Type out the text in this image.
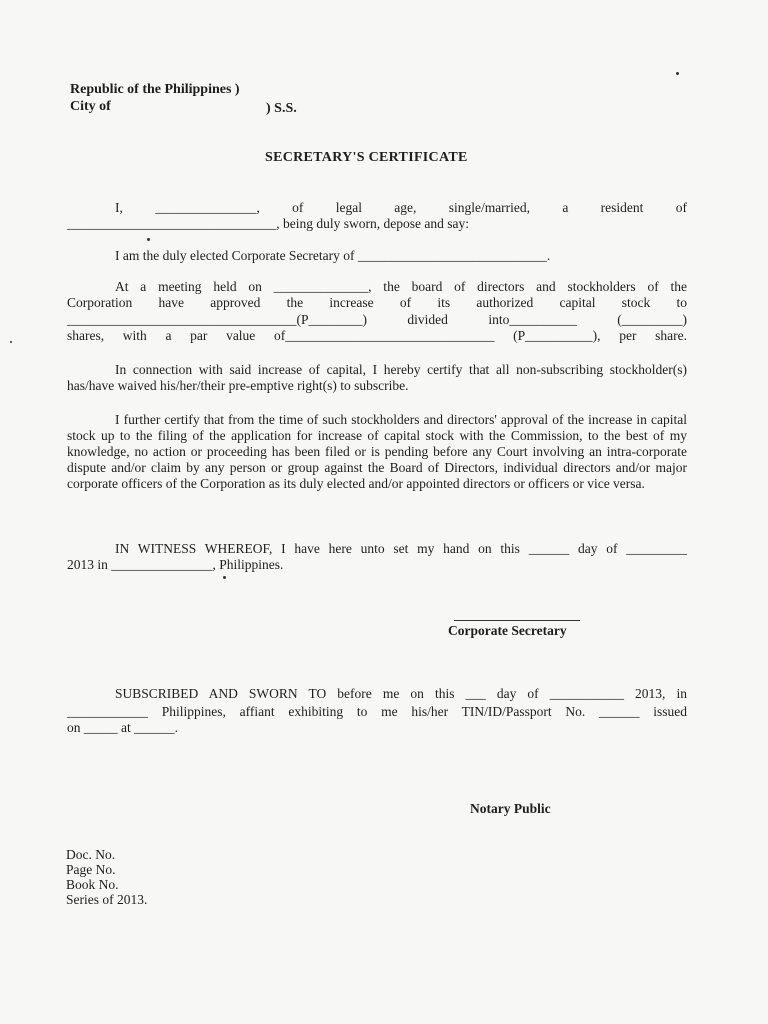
Republic of the Philippines )
City of	) S.S.
SECRETARY'S CERTIFICATE
I, _______________, of legal age, single/married, a resident of
_______________________________, being duly sworn, depose and say:
I am the duly elected Corporate Secretary of ____________________________.
At a meeting held on ______________, the board of directors and stockholders of the
Corporation have approved the increase of its authorized capital stock to
__________________________________(P________) divided into__________ (_________)
shares, with a par value of_______________________________ (P__________), per share.
In connection with said increase of capital, I hereby certify that all non-subscribing stockholder(s) has/have waived his/her/their pre-emptive right(s) to subscribe.
I further certify that from the time of such stockholders and directors' approval of the increase in capital stock up to the filing of the application for increase of capital stock with the Commission, to the best of my knowledge, no action or proceeding has been filed or is pending before any Court involving an intra-corporate dispute and/or claim by any person or group against the Board of Directors, individual directors and/or major corporate officers of the Corporation as its duly elected and/or appointed directors or officers or vice versa.
IN WITNESS WHEREOF, I have here unto set my hand on this ______ day of _________
2013 in _______________, Philippines.
Corporate Secretary
SUBSCRIBED AND SWORN TO before me on this ___ day of ___________ 2013, in
____________ Philippines, affiant exhibiting to me his/her TIN/ID/Passport No. ______ issued
on _____ at ______.
Notary Public
Doc. No.
Page No.
Book No.
Series of 2013.
